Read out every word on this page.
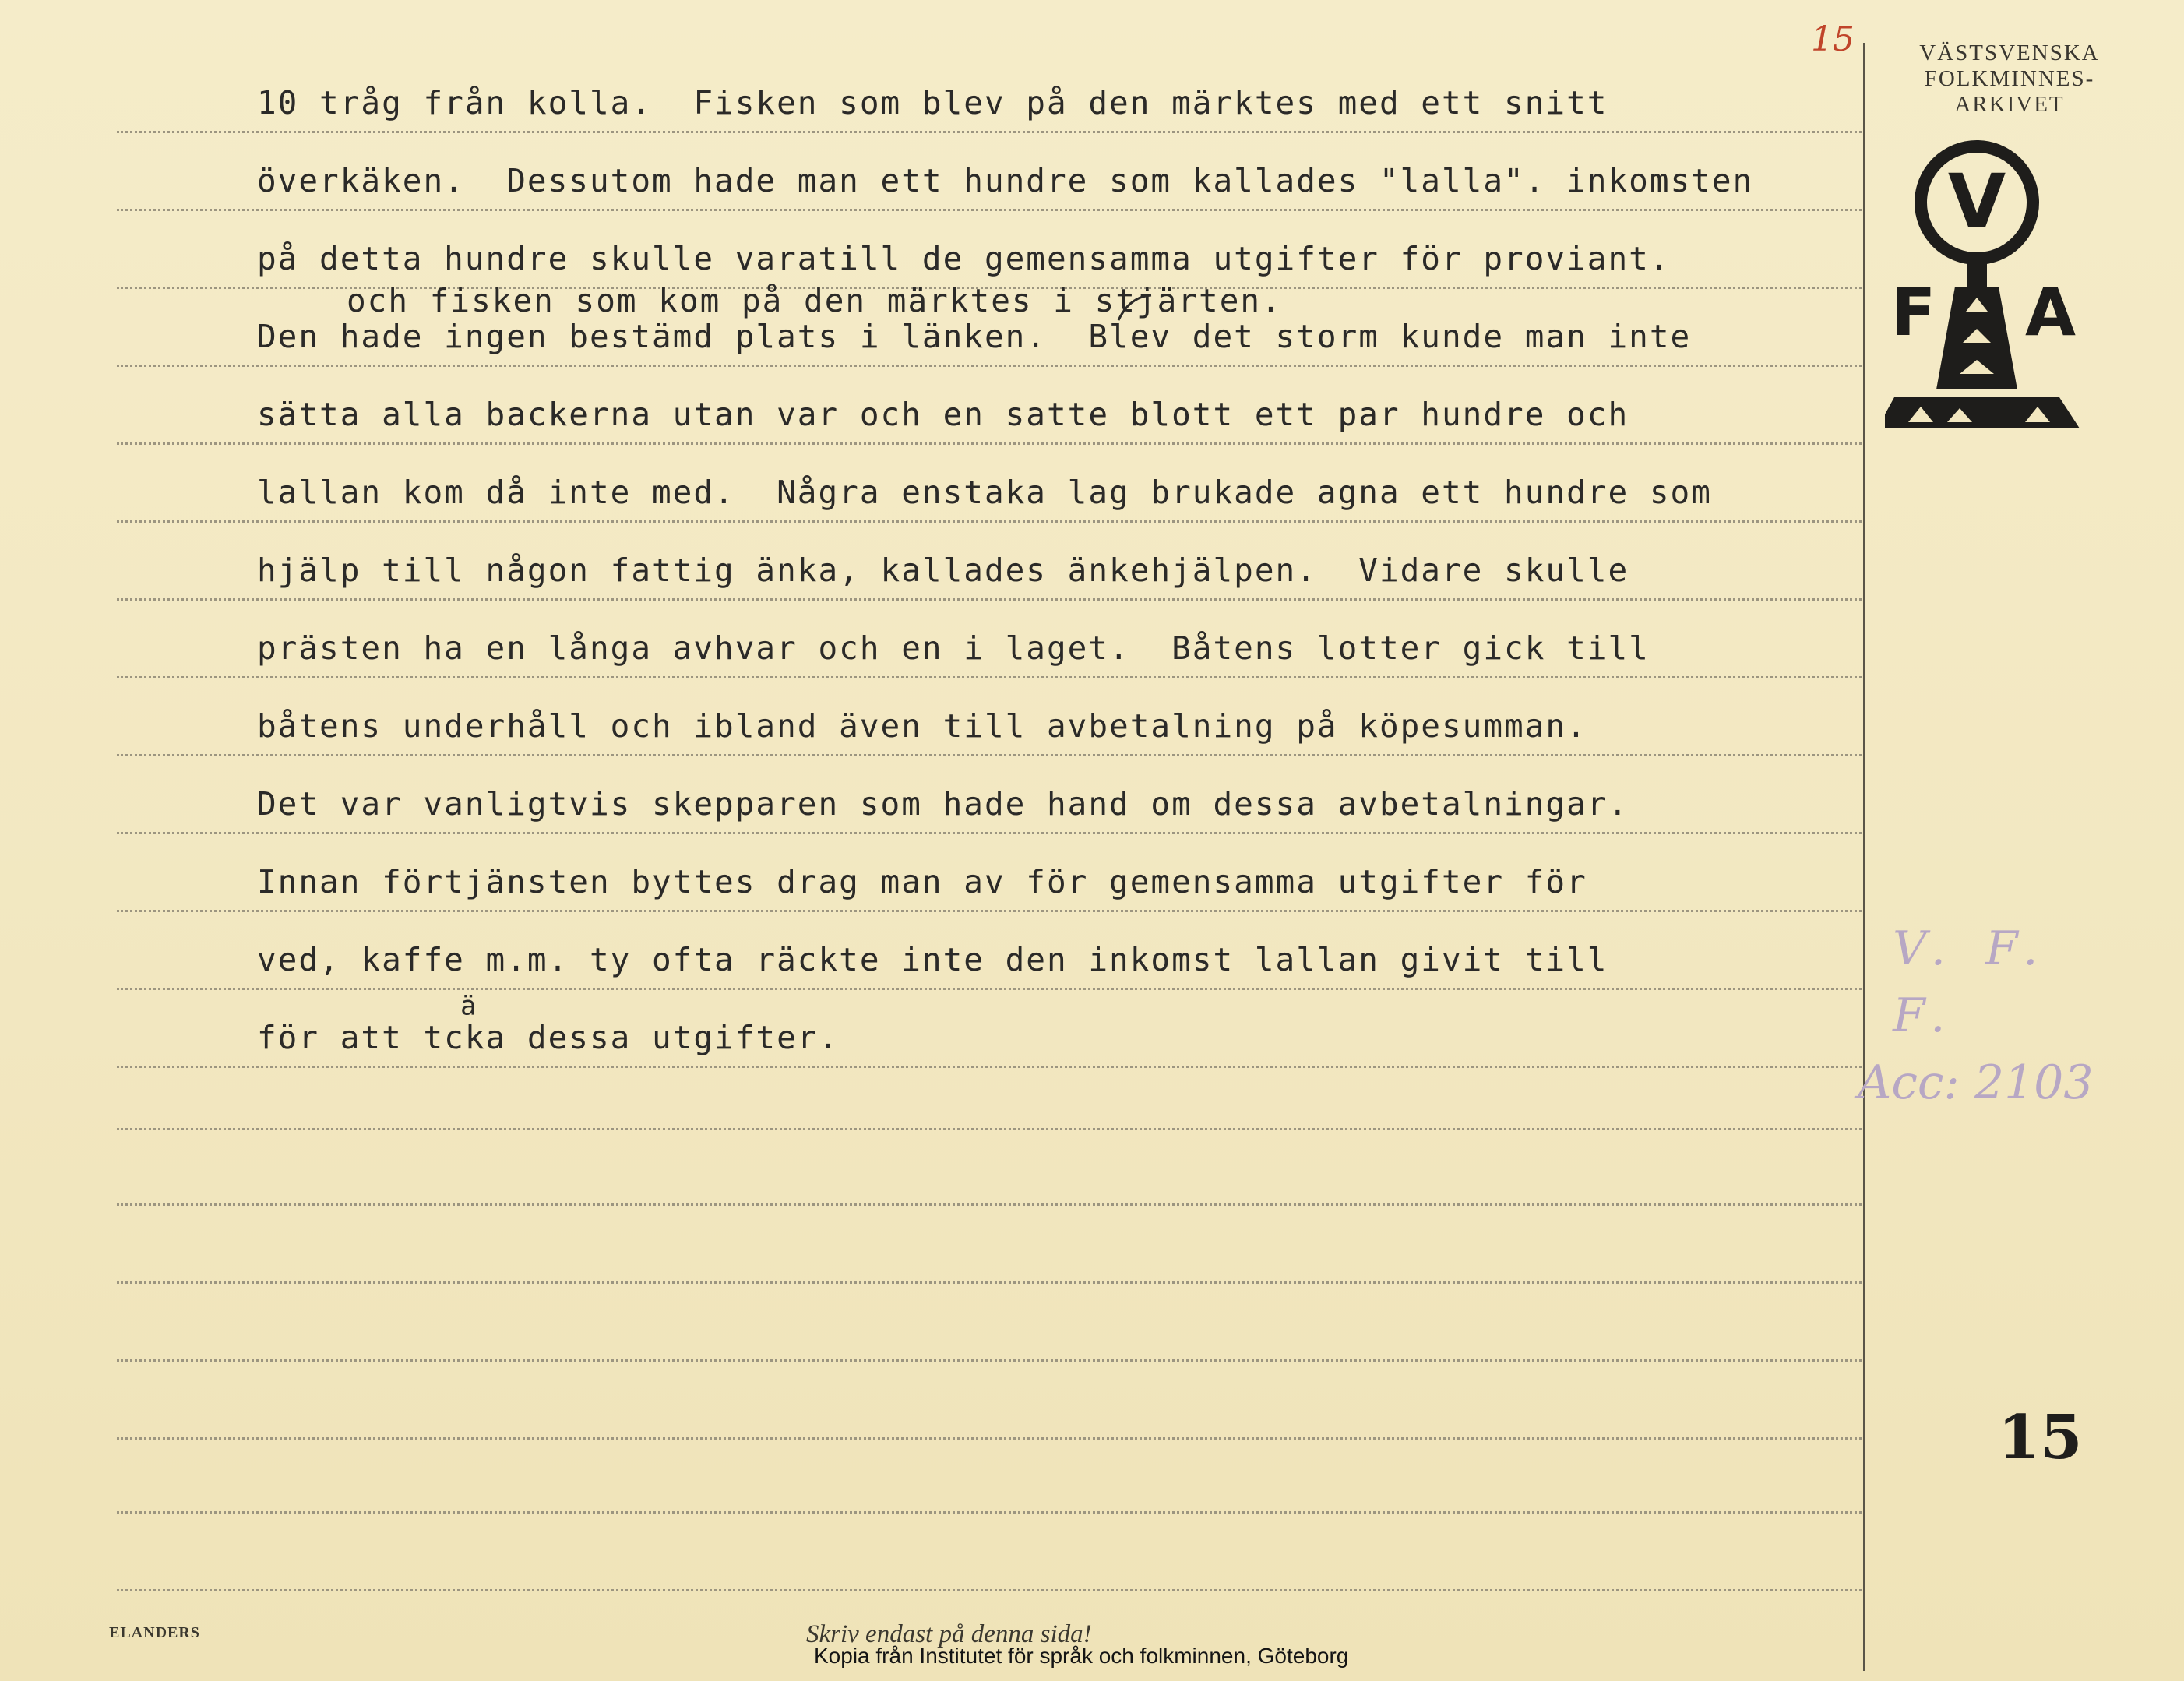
15	VÄSTSVENSKA
FOLKMINNES-
ARKIVET
V
F A
10 tråg från kolla.  Fisken som blev på den märktes med ett snitt
överkäken.  Dessutom hade man ett hundre som kallades "lalla". inkomsten
på detta hundre skulle varatill de gemensamma utgifter för proviant.
och fisken som kom på den märktes i stjärten.
Den hade ingen bestämd plats i länken.  Blev det storm kunde man inte
sätta alla backerna utan var och en satte blott ett par hundre och
lallan kom då inte med.  Några enstaka lag brukade agna ett hundre som
hjälp till någon fattig änka, kallades änkehjälpen.  Vidare skulle
prästen ha en långa avhvar och en i laget.  Båtens lotter gick till
båtens underhåll och ibland även till avbetalning på köpesumman.
Det var vanligtvis skepparen som hade hand om dessa avbetalningar.
Innan förtjänsten byttes drag man av för gemensamma utgifter för
ved, kaffe m.m. ty ofta räckte inte den inkomst lallan givit till
ä
för att tcka dessa utgifter.
V. F. F.
Acc: 2103
15
ELANDERS	Skriv endast på denna sida!
Kopia från Institutet för språk och folkminnen, Göteborg
